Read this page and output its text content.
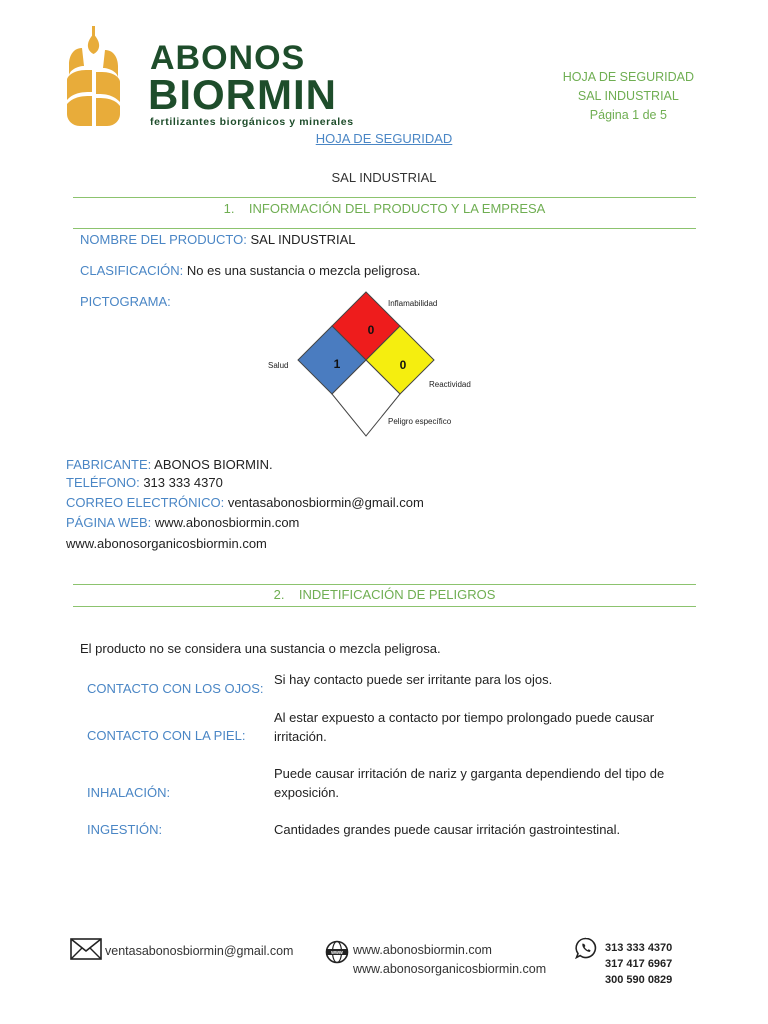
ABONOS
BIORMIN
fertilizantes biorgánicos y minerales
HOJA DE SEGURIDAD
SAL INDUSTRIAL
Página 1 de 5
HOJA DE SEGURIDAD
SAL INDUSTRIAL
1.    INFORMACIÓN DEL PRODUCTO Y LA EMPRESA
NOMBRE DEL PRODUCTO: SAL INDUSTRIAL
CLASIFICACIÓN: No es una sustancia o mezcla peligrosa.
PICTOGRAMA:
0
1	0
Inflamabilidad
Salud
Reactividad
Peligro específico
FABRICANTE: ABONOS BIORMIN.
TELÉFONO: 313 333 4370
CORREO ELECTRÓNICO: ventasabonosbiormin@gmail.com
PÁGINA WEB: www.abonosbiormin.com
www.abonosorganicosbiormin.com
2.    INDETIFICACIÓN DE PELIGROS
El producto no se considera una sustancia o mezcla peligrosa.
CONTACTO CON LOS OJOS:
Si hay contacto puede ser irritante para los ojos.
CONTACTO CON LA PIEL:
Al estar expuesto a contacto por tiempo prolongado puede causar irritación.
INHALACIÓN:
Puede causar irritación de nariz y garganta dependiendo del tipo de exposición.
INGESTIÓN:	Cantidades grandes puede causar irritación gastrointestinal.
ventasabonosbiormin@gmail.com	www www.abonosbiormin.com
www.abonosorganicosbiormin.com
313 333 4370
317 417 6967
300 590 0829
